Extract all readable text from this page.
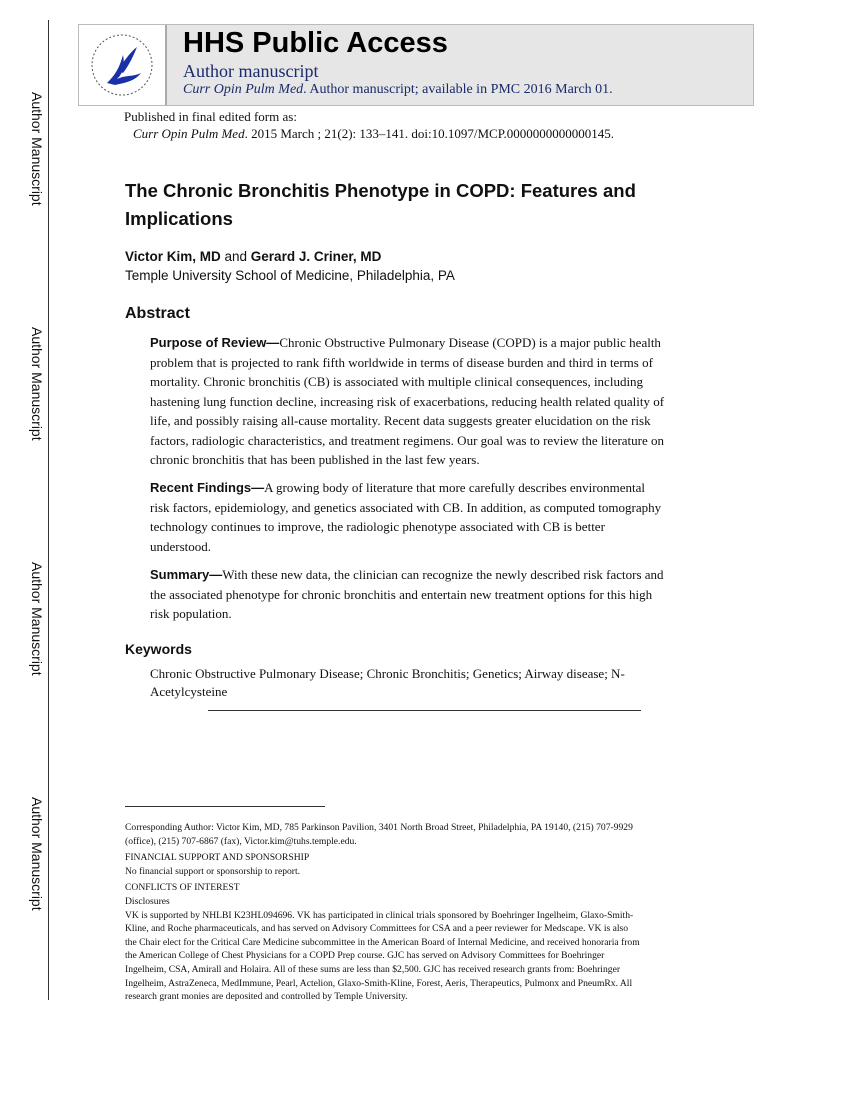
Author Manuscript
Author Manuscript
Author Manuscript
Author Manuscript
HHS Public Access
Author manuscript
Curr Opin Pulm Med. Author manuscript; available in PMC 2016 March 01.
Published in final edited form as:
Curr Opin Pulm Med. 2015 March ; 21(2): 133–141. doi:10.1097/MCP.0000000000000145.
The Chronic Bronchitis Phenotype in COPD: Features and
Implications
Victor Kim, MD and Gerard J. Criner, MD
Temple University School of Medicine, Philadelphia, PA
Abstract
Purpose of Review—Chronic Obstructive Pulmonary Disease (COPD) is a major public health
problem that is projected to rank fifth worldwide in terms of disease burden and third in terms of
mortality. Chronic bronchitis (CB) is associated with multiple clinical consequences, including
hastening lung function decline, increasing risk of exacerbations, reducing health related quality of
life, and possibly raising all-cause mortality. Recent data suggests greater elucidation on the risk
factors, radiologic characteristics, and treatment regimens. Our goal was to review the literature on
chronic bronchitis that has been published in the last few years.
Recent Findings—A growing body of literature that more carefully describes environmental
risk factors, epidemiology, and genetics associated with CB. In addition, as computed tomography
technology continues to improve, the radiologic phenotype associated with CB is better
understood.
Summary—With these new data, the clinician can recognize the newly described risk factors and
the associated phenotype for chronic bronchitis and entertain new treatment options for this high
risk population.
Keywords
Chronic Obstructive Pulmonary Disease; Chronic Bronchitis; Genetics; Airway disease; N-
Acetylcysteine
Corresponding Author: Victor Kim, MD, 785 Parkinson Pavilion, 3401 North Broad Street, Philadelphia, PA 19140, (215) 707-9929
(office), (215) 707-6867 (fax), Victor.kim@tuhs.temple.edu.
FINANCIAL SUPPORT AND SPONSORSHIP
No financial support or sponsorship to report.
CONFLICTS OF INTEREST
Disclosures
VK is supported by NHLBI K23HL094696. VK has participated in clinical trials sponsored by Boehringer Ingelheim, Glaxo-Smith-
Kline, and Roche pharmaceuticals, and has served on Advisory Committees for CSA and a peer reviewer for Medscape. VK is also
the Chair elect for the Critical Care Medicine subcommittee in the American Board of Internal Medicine, and received honoraria from
the American College of Chest Physicians for a COPD Prep course. GJC has served on Advisory Committees for Boehringer
Ingelheim, CSA, Amirall and Holaira. All of these sums are less than $2,500. GJC has received research grants from: Boehringer
Ingelheim, AstraZeneca, MedImmune, Pearl, Actelion, Glaxo-Smith-Kline, Forest, Aeris, Therapeutics, Pulmonx and PneumRx. All
research grant monies are deposited and controlled by Temple University.
